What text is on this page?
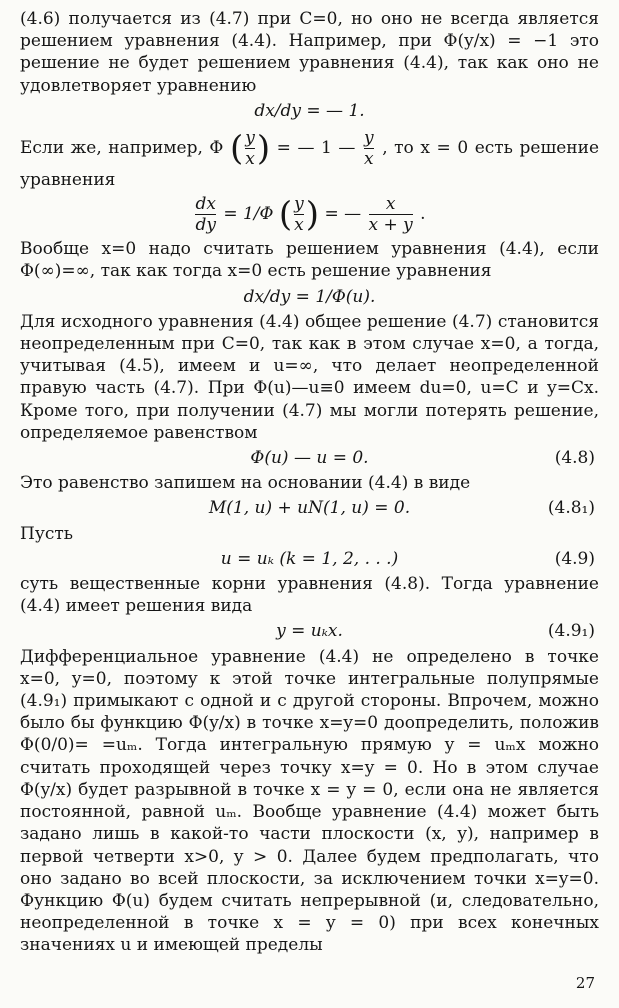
(4.6) получается из (4.7) при C=0, но оно не всегда является решением уравнения (4.4). Например, при Φ(y/x) = −1 это решение не будет решением уравнения (4.4), так как оно не удовлетворяет уравнению

dx/dy = — 1.

Если же, например, Φ ( $\frac{y}{x}$ ) = — 1 — $\frac{y}{x}$ , то x = 0 есть решение уравнения

$\frac{dx}{dy} = 1/\Phi$ ( $\frac{y}{x}$ ) = — $\frac{x}{x + y}$ .

Вообще x=0 надо считать решением уравнения (4.4), если Φ(∞)=∞, так как тогда x=0 есть решение уравнения

dx/dy = 1/Φ(u).

Для исходного уравнения (4.4) общее решение (4.7) становится неопределенным при C=0, так как в этом случае x=0, а тогда, учитывая (4.5), имеем и u=∞, что делает неопределенной правую часть (4.7). При Φ(u)—u≡0 имеем du=0, u=C и y=Cx. Кроме того, при получении (4.7) мы могли потерять решение, определяемое равенством

Φ(u) — u = 0.	(4.8)

Это равенство запишем на основании (4.4) в виде

M(1, u) + uN(1, u) = 0.	(4.8₁)

Пусть

u = uₖ (k = 1, 2, . . .)	(4.9)

суть вещественные корни уравнения (4.8). Тогда уравнение (4.4) имеет решения вида

y = uₖx.	(4.9₁)

Дифференциальное уравнение (4.4) не определено в точке x=0, y=0, поэтому к этой точке интегральные полупрямые (4.9₁) примыкают с одной и с другой стороны. Впрочем, можно было бы функцию Φ(y/x) в точке x=y=0 доопределить, положив Φ(0/0)= =uₘ. Тогда интегральную прямую y = uₘx можно считать проходящей через точку x=y = 0. Но в этом случае Φ(y/x) будет разрывной в точке x = y = 0, если она не является постоянной, равной uₘ. Вообще уравнение (4.4) может быть задано лишь в какой-то части плоскости (x, y), например в первой четверти x>0, y > 0. Далее будем предполагать, что оно задано во всей плоскости, за исключением точки x=y=0. Функцию Φ(u) будем считать непрерывной (и, следовательно, неопределенной в точке x = y = 0) при всех конечных значениях u и имеющей пределы

27
